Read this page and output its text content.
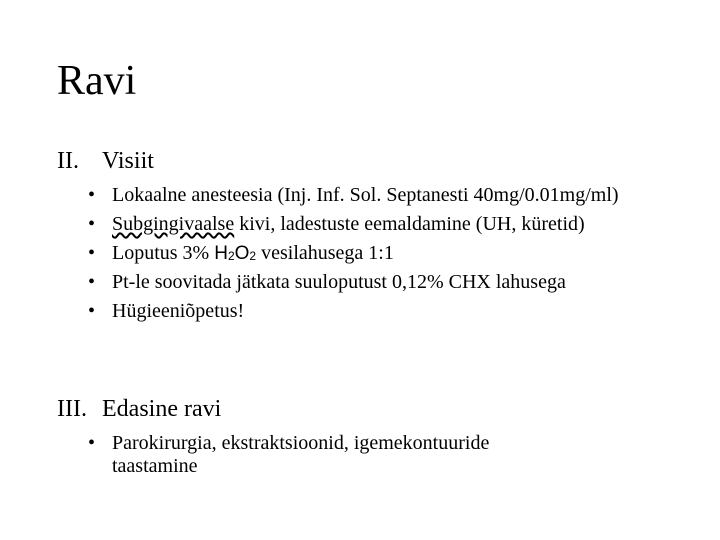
Ravi
II. Visiit
• Lokaalne anesteesia (Inj. Inf. Sol. Septanesti 40mg/0.01mg/ml)
• Subgingivaalse kivi, ladestuste eemaldamine (UH, küretid)
• Loputus 3% $H_2O_2$ vesilahusega 1:1
• Pt-le soovitada jätkata suuloputust 0,12% CHX lahusega
• Hügieeniõpetus!
III. Edasine ravi
• Parokirurgia, ekstraktsioonid, igemekontuuride taastamine
